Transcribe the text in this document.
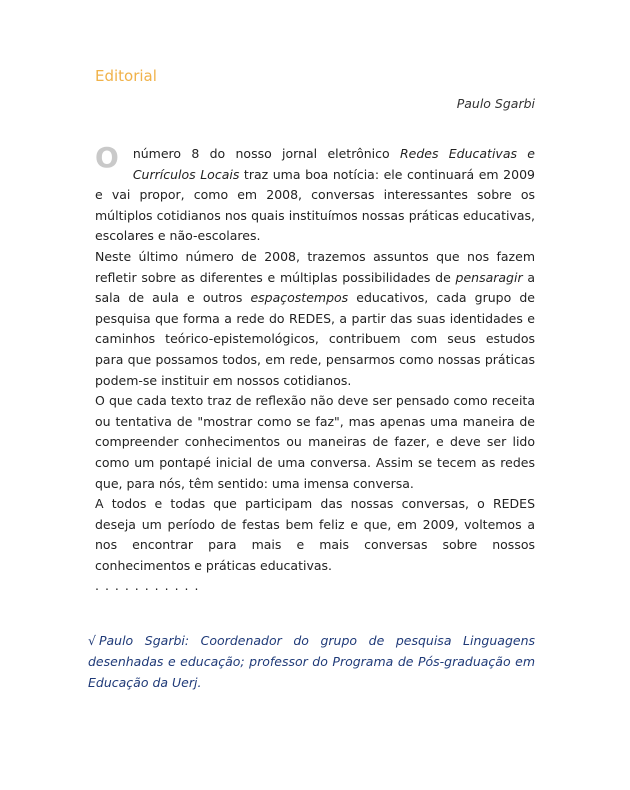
Editorial
Paulo Sgarbi

O número 8 do nosso jornal eletrônico Redes Educativas e Currículos Locais traz uma boa notícia: ele continuará em 2009 e vai propor, como em 2008, conversas interessantes sobre os múltiplos cotidianos nos quais instituímos nossas práticas educativas, escolares e não-escolares.

Neste último número de 2008, trazemos assuntos que nos fazem refletir sobre as diferentes e múltiplas possibilidades de pensaragir a sala de aula e outros espaçostempos educativos, cada grupo de pesquisa que forma a rede do REDES, a partir das suas identidades e caminhos teórico-epistemológicos, contribuem com seus estudos para que possamos todos, em rede, pensarmos como nossas práticas podem-se instituir em nossos cotidianos.

O que cada texto traz de reflexão não deve ser pensado como receita ou tentativa de "mostrar como se faz", mas apenas uma maneira de compreender conhecimentos ou maneiras de fazer, e deve ser lido como um pontapé inicial de uma conversa. Assim se tecem as redes que, para nós, têm sentido: uma imensa conversa.

A todos e todas que participam das nossas conversas, o REDES deseja um período de festas bem feliz e que, em 2009, voltemos a nos encontrar para mais e mais conversas sobre nossos conhecimentos e práticas educativas.

. . . . . . . . . . .

√ Paulo Sgarbi: Coordenador do grupo de pesquisa Linguagens desenhadas e educação; professor do Programa de Pós-graduação em Educação da Uerj.
